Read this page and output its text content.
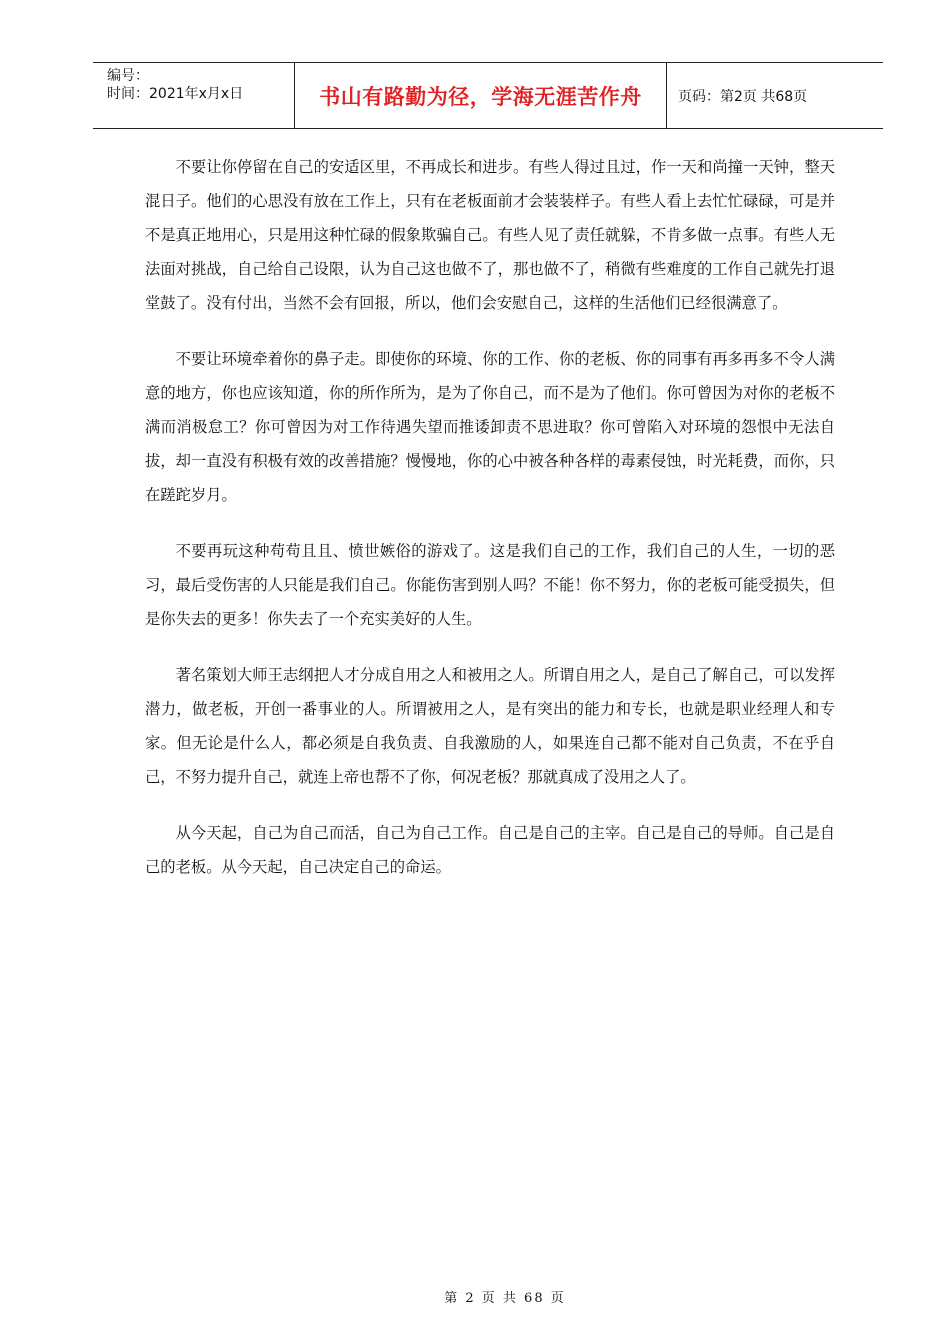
编号：
时间：2021年x月x日	书山有路勤为径，学海无涯苦作舟	页码：第2页 共68页

不要让你停留在自己的安适区里，不再成长和进步。有些人得过且过，作一天和尚撞一天钟，整天混日子。他们的心思没有放在工作上，只有在老板面前才会装装样子。有些人看上去忙忙碌碌，可是并不是真正地用心，只是用这种忙碌的假象欺骗自己。有些人见了责任就躲，不肯多做一点事。有些人无法面对挑战，自己给自己设限，认为自己这也做不了，那也做不了，稍微有些难度的工作自己就先打退堂鼓了。没有付出，当然不会有回报，所以，他们会安慰自己，这样的生活他们已经很满意了。

不要让环境牵着你的鼻子走。即使你的环境、你的工作、你的老板、你的同事有再多再多不令人满意的地方，你也应该知道，你的所作所为，是为了你自己，而不是为了他们。你可曾因为对你的老板不满而消极怠工？你可曾因为对工作待遇失望而推诿卸责不思进取？你可曾陷入对环境的怨恨中无法自拔，却一直没有积极有效的改善措施？慢慢地，你的心中被各种各样的毒素侵蚀，时光耗费，而你，只在蹉跎岁月。

不要再玩这种苟苟且且、愤世嫉俗的游戏了。这是我们自己的工作，我们自己的人生，一切的恶习，最后受伤害的人只能是我们自己。你能伤害到别人吗？不能！你不努力，你的老板可能受损失，但是你失去的更多！你失去了一个充实美好的人生。

著名策划大师王志纲把人才分成自用之人和被用之人。所谓自用之人，是自己了解自己，可以发挥潜力，做老板，开创一番事业的人。所谓被用之人，是有突出的能力和专长，也就是职业经理人和专家。但无论是什么人，都必须是自我负责、自我激励的人，如果连自己都不能对自己负责，不在乎自己，不努力提升自己，就连上帝也帮不了你，何况老板？那就真成了没用之人了。

从今天起，自己为自己而活，自己为自己工作。自己是自己的主宰。自己是自己的导师。自己是自己的老板。从今天起，自己决定自己的命运。

第 2 页 共 68 页
